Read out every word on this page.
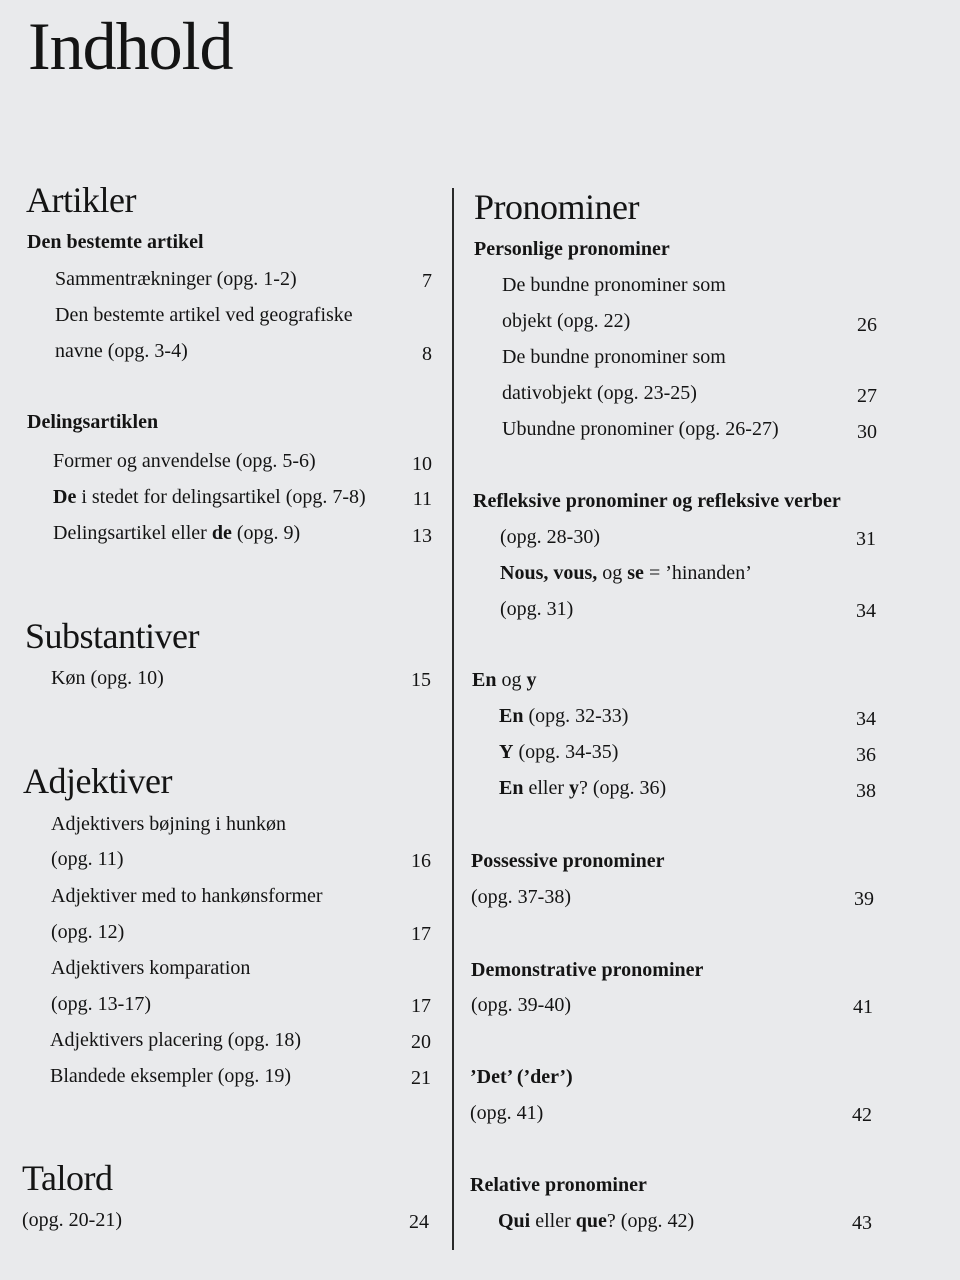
Indhold
Artikler
Den bestemte artikel
Sammentrækninger (opg. 1-2)	7
Den bestemte artikel ved geografiske
navne (opg. 3-4)	8
Delingsartiklen
Former og anvendelse (opg. 5-6)	10
De i stedet for delingsartikel (opg. 7-8)	11
Delingsartikel eller de (opg. 9)	13
Substantiver
Køn (opg. 10)	15
Adjektiver
Adjektivers bøjning i hunkøn
(opg. 11)	16
Adjektiver med to hankønsformer
(opg. 12)	17
Adjektivers komparation
(opg. 13-17)	17
Adjektivers placering (opg. 18)	20
Blandede eksempler (opg. 19)	21
Talord
(opg. 20-21)	24
Pronominer
Personlige pronominer
De bundne pronominer som
objekt (opg. 22)	26
De bundne pronominer som
dativobjekt (opg. 23-25)	27
Ubundne pronominer (opg. 26-27)	30
Refleksive pronominer og refleksive verber
(opg. 28-30)	31
Nous, vous, og se = ’hinanden’
(opg. 31)	34
En og y
En (opg. 32-33)	34
Y (opg. 34-35)	36
En eller y? (opg. 36)	38
Possessive pronominer
(opg. 37-38)	39
Demonstrative pronominer
(opg. 39-40)	41
’Det’ (’der’)
(opg. 41)	42
Relative pronominer
Qui eller que? (opg. 42)	43
